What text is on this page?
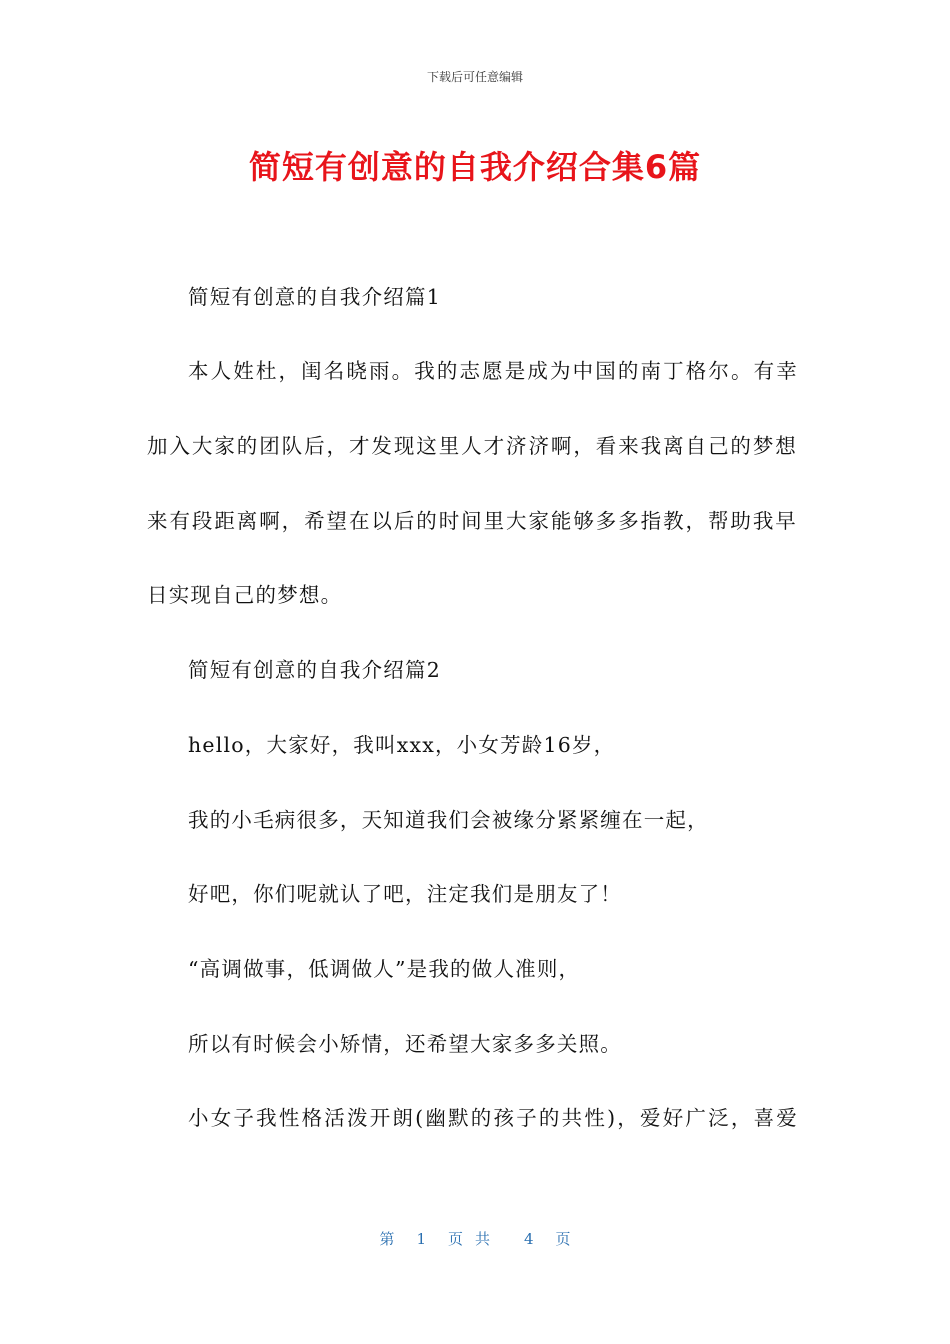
下载后可任意编辑
简短有创意的自我介绍合集6篇

简短有创意的自我介绍篇1

本人姓杜，闺名晓雨。我的志愿是成为中国的南丁格尔。有幸

加入大家的团队后，才发现这里人才济济啊，看来我离自己的梦想

来有段距离啊，希望在以后的时间里大家能够多多指教，帮助我早

日实现自己的梦想。

简短有创意的自我介绍篇2

hello，大家好，我叫xxx，小女芳龄16岁，

我的小毛病很多，天知道我们会被缘分紧紧缠在一起，

好吧，你们呢就认了吧，注定我们是朋友了！

“高调做事，低调做人”是我的做人准则，

所以有时候会小矫情，还希望大家多多关照。

小女子我性格活泼开朗(幽默的孩子的共性)，爱好广泛，喜爱

第 1 页共 4 页
